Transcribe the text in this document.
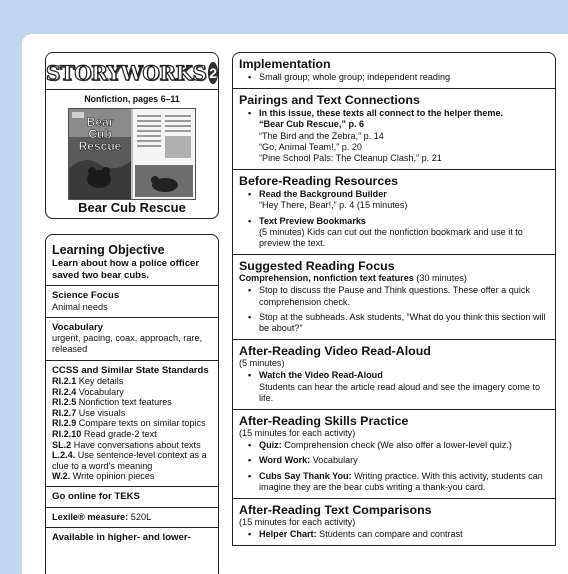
STORYWORKS 2
Nonfiction, pages 6–11
Bear
Cub
Rescue
Bear Cub Rescue
Learning Objective
Learn about how a police officer saved two bear cubs.
Science Focus
Animal needs
Vocabulary
urgent, pacing, coax, approach, rare, released
CCSS and Similar State Standards
RI.2.1 Key details
RI.2.4 Vocabulary
RI.2.5 Nonfiction text features
RI.2.7 Use visuals
RI.2.9 Compare texts on similar topics
RI.2.10 Read grade-2 text
SL.2 Have conversations about texts
L.2.4. Use sentence-level context as a clue to a word's meaning
W.2. Write opinion pieces
Go online for TEKS
Lexile® measure: 520L
Available in higher- and lower-
Implementation
• Small group; whole group; independent reading
Pairings and Text Connections
• In this issue, these texts all connect to the helper theme.
“Bear Cub Rescue,” p. 6
“The Bird and the Zebra,” p. 14
“Go, Animal Team!,” p. 20
“Pine School Pals: The Cleanup Clash,” p. 21
Before-Reading Resources
• Read the Background Builder
“Hey There, Bear!,” p. 4 (15 minutes)
• Text Preview Bookmarks
(5 minutes) Kids can cut out the nonfiction bookmark and use it to preview the text.
Suggested Reading Focus
Comprehension, nonfiction text features (30 minutes)
• Stop to discuss the Pause and Think questions. These offer a quick comprehension check.
• Stop at the subheads. Ask students, “What do you think this section will be about?”
After-Reading Video Read-Aloud
(5 minutes)
• Watch the Video Read-Aloud
Students can hear the article read aloud and see the imagery come to life.
After-Reading Skills Practice
(15 minutes for each activity)
• Quiz: Comprehension check (We also offer a lower-level quiz.)
• Word Work: Vocabulary
• Cubs Say Thank You: Writing practice. With this activity, students can imagine they are the bear cubs writing a thank-you card.
After-Reading Text Comparisons
(15 minutes for each activity)
• Helper Chart: Students can compare and contrast
